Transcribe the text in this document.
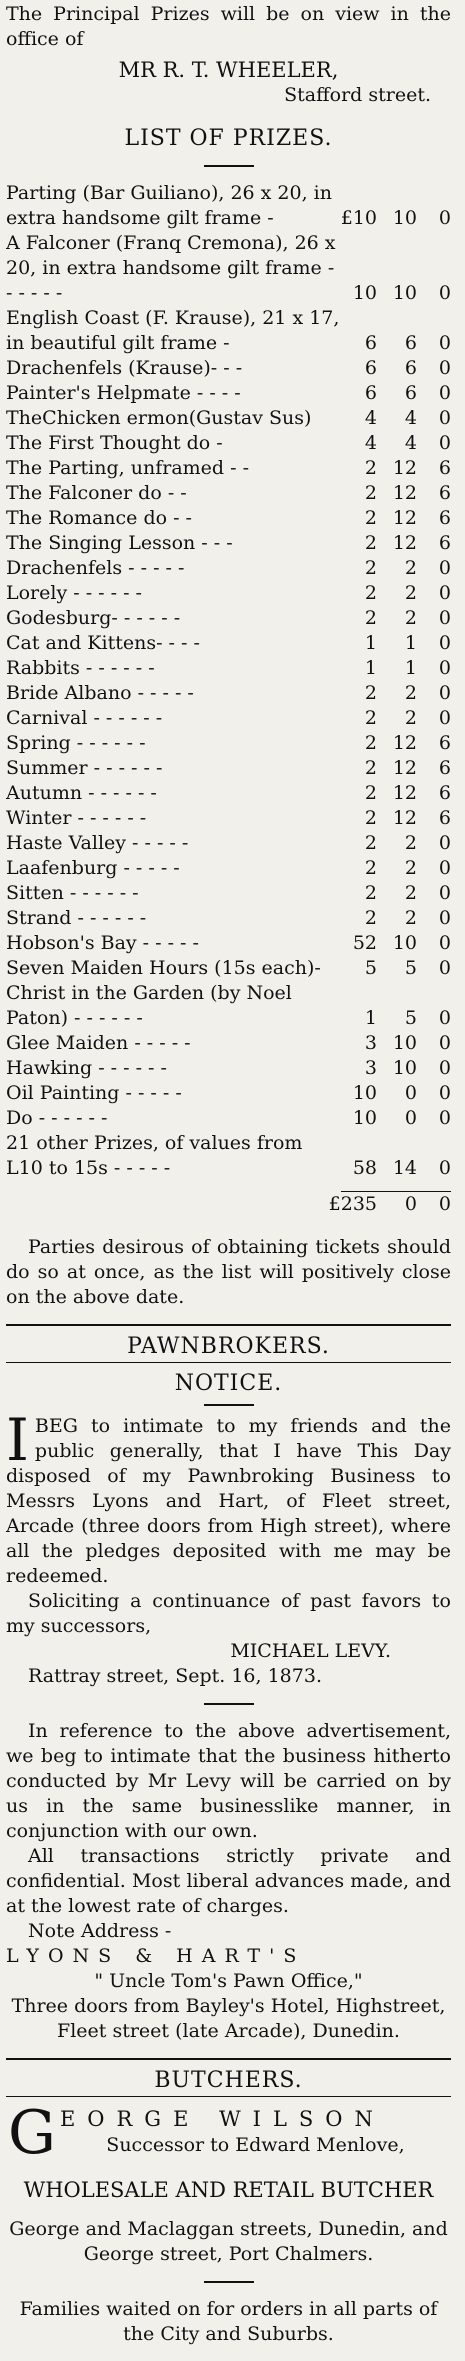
The Principal Prizes will be on view in the office of
MR R. T. WHEELER,
Stafford street.
LIST OF PRIZES.
Parting (Bar Guiliano), 26 x 20, in extra handsome gilt frame -	£10 10 0
A Falconer (Franq Cremona), 26 x 20, in extra handsome gilt frame - - - - - -	10 10 0
English Coast (F. Krause), 21 x 17, in beautiful gilt frame -	6 6 0
Drachenfels (Krause)- - -	6 6 0
Painter's Helpmate - - - -	6 6 0
TheChicken ermon(Gustav Sus)	4 4 0
The First Thought do -	4 4 0
The Parting, unframed - -	2 12 6
The Falconer do - -	2 12 6
The Romance do - -	2 12 6
The Singing Lesson - - -	2 12 6
Drachenfels - - - - -	2 2 0
Lorely - - - - - -	2 2 0
Godesburg- - - - - -	2 2 0
Cat and Kittens- - - -	1 1 0
Rabbits - - - - - -	1 1 0
Bride Albano - - - - -	2 2 0
Carnival - - - - - -	2 2 0
Spring - - - - - -	2 12 6
Summer - - - - - -	2 12 6
Autumn - - - - - -	2 12 6
Winter - - - - - -	2 12 6
Haste Valley - - - - -	2 2 0
Laafenburg - - - - -	2 2 0
Sitten - - - - - -	2 2 0
Strand - - - - - -	2 2 0
Hobson's Bay - - - - -	52 10 0
Seven Maiden Hours (15s each)-	5 5 0
Christ in the Garden (by Noel Paton) - - - - - -	1 5 0
Glee Maiden - - - - -	3 10 0
Hawking - - - - - -	3 10 0
Oil Painting - - - - -	10 0 0
Do - - - - - -	10 0 0
21 other Prizes, of values from L10 to 15s - - - - -	58 14 0
£235 0 0
Parties desirous of obtaining tickets should do so at once, as the list will positively close on the above date.
PAWNBROKERS.
NOTICE.
I BEG to intimate to my friends and the public generally, that I have This Day disposed of my Pawnbroking Business to Messrs Lyons and Hart, of Fleet street, Arcade (three doors from High street), where all the pledges deposited with me may be redeemed.
Soliciting a continuance of past favors to my successors,
MICHAEL LEVY.
Rattray street, Sept. 16, 1873.
In reference to the above advertisement, we beg to intimate that the business hitherto conducted by Mr Levy will be carried on by us in the same businesslike manner, in conjunction with our own.
All transactions strictly private and confidential. Most liberal advances made, and at the lowest rate of charges.
Note Address -
LYONS & HART'S
" Uncle Tom's Pawn Office,"
Three doors from Bayley's Hotel, Highstreet, Fleet street (late Arcade), Dunedin.
BUTCHERS.
G EORGE WILSON
Successor to Edward Menlove,
WHOLESALE AND RETAIL BUTCHER
George and Maclaggan streets, Dunedin, and George street, Port Chalmers.
Families waited on for orders in all parts of the City and Suburbs.
